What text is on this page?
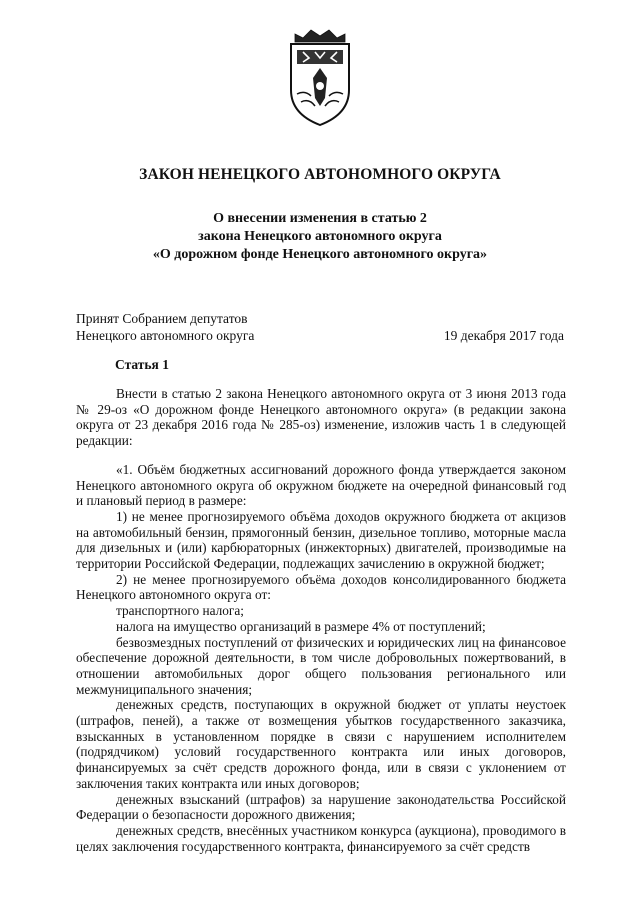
ЗАКОН НЕНЕЦКОГО АВТОНОМНОГО ОКРУГА
О внесении изменения в статью 2
закона Ненецкого автономного округа
«О дорожном фонде Ненецкого автономного округа»
Принят Собранием депутатов
Ненецкого автономного округа	19 декабря 2017 года
Статья 1

Внести в статью 2 закона Ненецкого автономного округа от 3 июня 2013 года № 29-оз «О дорожном фонде Ненецкого автономного округа» (в редакции закона округа от 23 декабря 2016 года № 285-оз) изменение, изложив часть 1 в следующей редакции:

«1. Объём бюджетных ассигнований дорожного фонда утверждается законом Ненецкого автономного округа об окружном бюджете на очередной финансовый год и плановый период в размере:

1) не менее прогнозируемого объёма доходов окружного бюджета от акцизов на автомобильный бензин, прямогонный бензин, дизельное топливо, моторные масла для дизельных и (или) карбюраторных (инжекторных) двигателей, производимые на территории Российской Федерации, подлежащих зачислению в окружной бюджет;

2) не менее прогнозируемого объёма доходов консолидированного бюджета Ненецкого автономного округа от:

транспортного налога;

налога на имущество организаций в размере 4% от поступлений;

безвозмездных поступлений от физических и юридических лиц на финансовое обеспечение дорожной деятельности, в том числе добровольных пожертвований, в отношении автомобильных дорог общего пользования регионального или межмуниципального значения;

денежных средств, поступающих в окружной бюджет от уплаты неустоек (штрафов, пеней), а также от возмещения убытков государственного заказчика, взысканных в установленном порядке в связи с нарушением исполнителем (подрядчиком) условий государственного контракта или иных договоров, финансируемых за счёт средств дорожного фонда, или в связи с уклонением от заключения таких контракта или иных договоров;

денежных взысканий (штрафов) за нарушение законодательства Российской Федерации о безопасности дорожного движения;

денежных средств, внесённых участником конкурса (аукциона), проводимого в целях заключения государственного контракта, финансируемого за счёт средств
